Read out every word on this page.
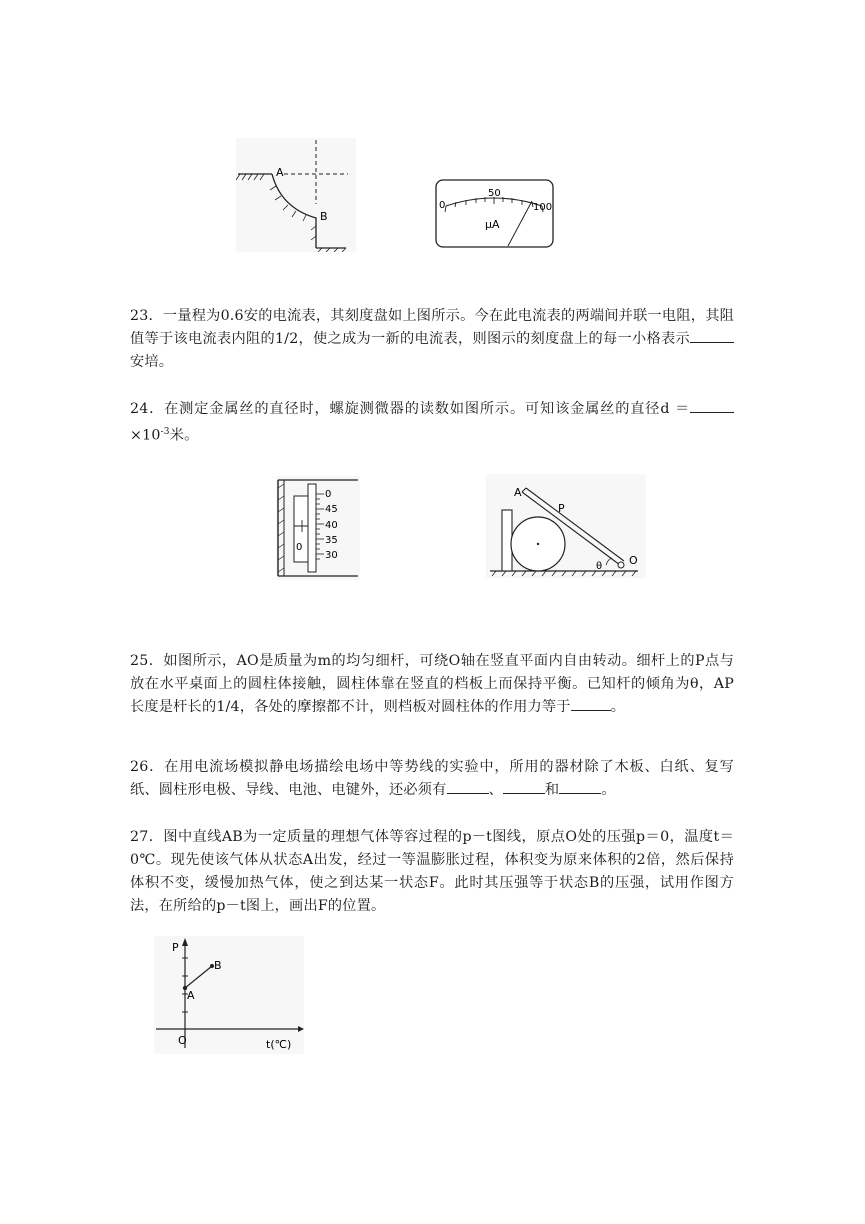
A
B
0
50
100
μA
23．一量程为0.6安的电流表，其刻度盘如上图所示。今在此电流表的两端间并联一电阻，其阻值等于该电流表内阻的1/2，使之成为一新的电流表，则图示的刻度盘上的每一小格表示安培。
24．在测定金属丝的直径时，螺旋测微器的读数如图所示。可知该金属丝的直径$d =\times 10^{-3}$米。
0
45
40
35
30
0
A
P
O
θ
25．如图所示，AO是质量为m的均匀细杆，可绕O轴在竖直平面内自由转动。细杆上的P点与放在水平桌面上的圆柱体接触，圆柱体靠在竖直的档板上而保持平衡。已知杆的倾角为θ，AP长度是杆长的1/4，各处的摩擦都不计，则档板对圆柱体的作用力等于	。
26．在用电流场模拟静电场描绘电场中等势线的实验中，所用的器材除了木板、白纸、复写纸、圆柱形电极、导线、电池、电键外，还必须有	、	和	。
27．图中直线AB为一定质量的理想气体等容过程的p－t图线，原点O处的压强p＝0，温度t＝0℃。现先使该气体从状态A出发，经过一等温膨胀过程，体积变为原来体积的2倍，然后保持体积不变，缓慢加热气体，使之到达某一状态F。此时其压强等于状态B的压强，试用作图方法，在所给的p－t图上，画出F的位置。
P
A
B
O	t(℃)
